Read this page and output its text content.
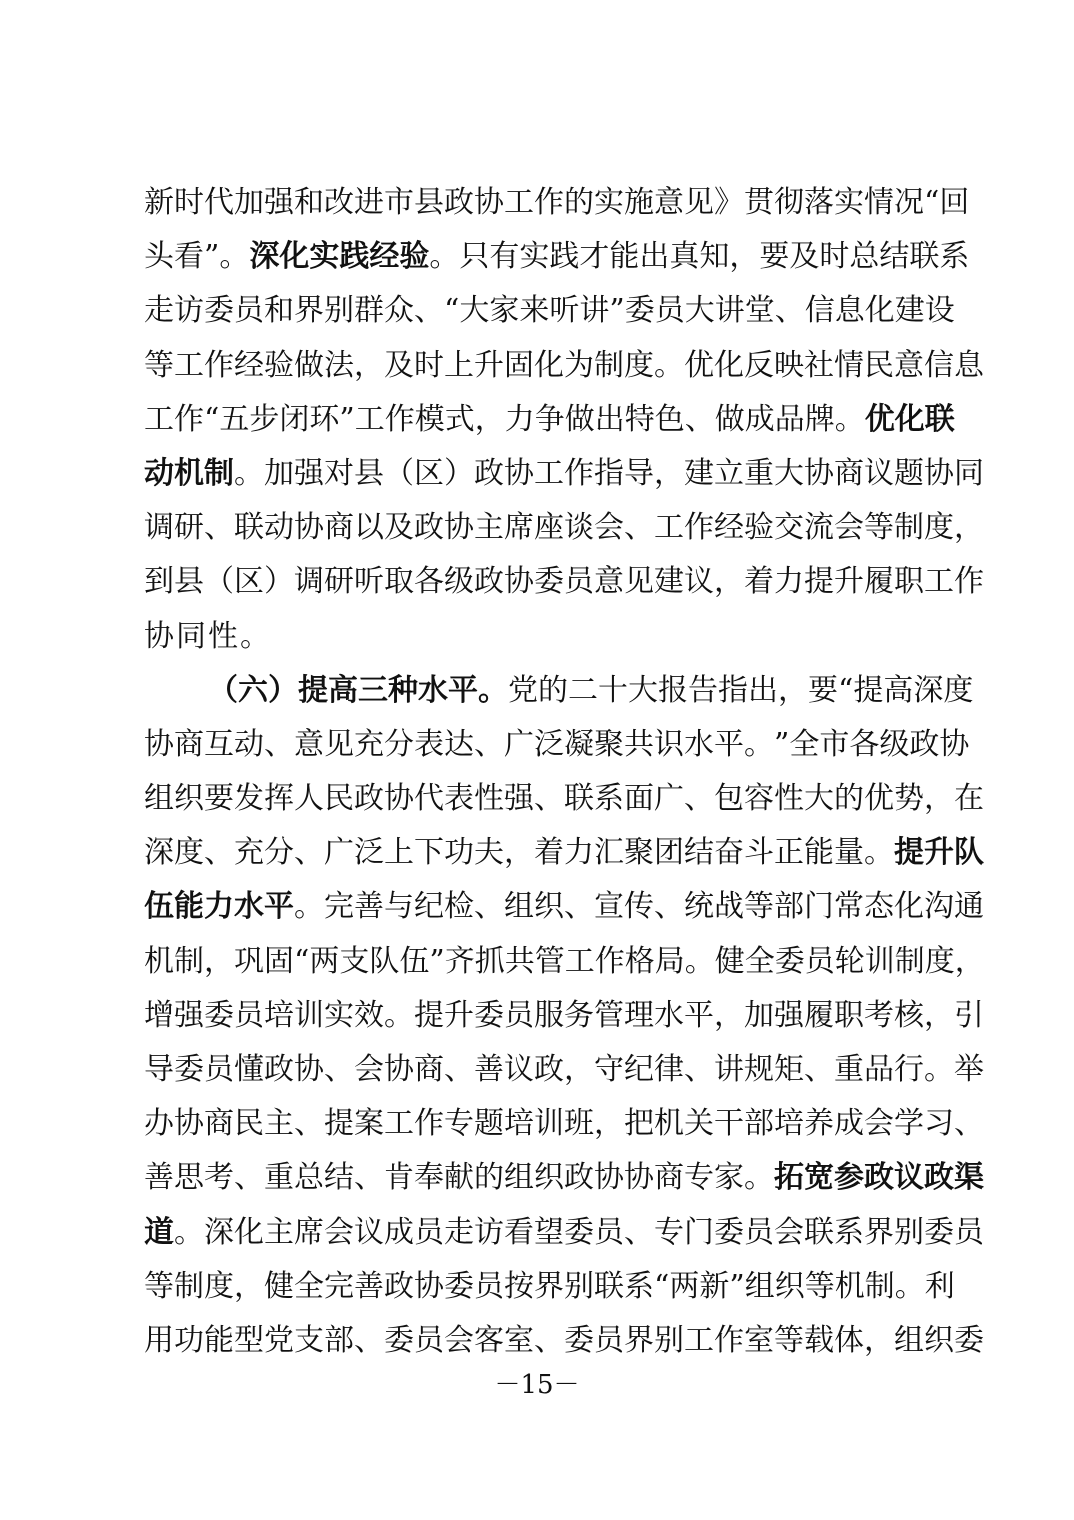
新 时 代 加 强 和 改 进 市 县 政 协 工 作 的 实 施 意 见 》 贯 彻 落 实 情 况 “ 回
头 看 ” 。 深 化 实 践 经 验 。 只 有 实 践 才 能 出 真 知 ， 要 及 时 总 结 联 系
走 访 委 员 和 界 别 群 众 、 “ 大 家 来 听 讲 ” 委 员 大 讲 堂 、 信 息 化 建 设
等 工 作 经 验 做 法 ， 及 时 上 升 固 化 为 制 度 。 优 化 反 映 社 情 民 意 信 息
工 作 “ 五 步 闭 环 ” 工 作 模 式 ， 力 争 做 出 特 色 、 做 成 品 牌 。 优 化 联
动 机 制 。 加 强 对 县 （ 区 ） 政 协 工 作 指 导 ， 建 立 重 大 协 商 议 题 协 同
调 研 、 联 动 协 商 以 及 政 协 主 席 座 谈 会 、 工 作 经 验 交 流 会 等 制 度 ，
到 县 （ 区 ） 调 研 听 取 各 级 政 协 委 员 意 见 建 议 ， 着 力 提 升 履 职 工 作
协 同 性 。
（ 六 ） 提 高 三 种 水 平 。 党 的 二 十 大 报 告 指 出 ， 要 “ 提 高 深 度
协 商 互 动 、 意 见 充 分 表 达 、 广 泛 凝 聚 共 识 水 平 。 ” 全 市 各 级 政 协
组 织 要 发 挥 人 民 政 协 代 表 性 强 、 联 系 面 广 、 包 容 性 大 的 优 势 ， 在
深 度 、 充 分 、 广 泛 上 下 功 夫 ， 着 力 汇 聚 团 结 奋 斗 正 能 量 。 提 升 队
伍 能 力 水 平 。 完 善 与 纪 检 、 组 织 、 宣 传 、 统 战 等 部 门 常 态 化 沟 通
机 制 ， 巩 固 “ 两 支 队 伍 ” 齐 抓 共 管 工 作 格 局 。 健 全 委 员 轮 训 制 度 ，
增 强 委 员 培 训 实 效 。 提 升 委 员 服 务 管 理 水 平 ， 加 强 履 职 考 核 ， 引
导 委 员 懂 政 协 、 会 协 商 、 善 议 政 ， 守 纪 律 、 讲 规 矩 、 重 品 行 。 举
办 协 商 民 主 、 提 案 工 作 专 题 培 训 班 ， 把 机 关 干 部 培 养 成 会 学 习 、
善 思 考 、 重 总 结 、 肯 奉 献 的 组 织 政 协 协 商 专 家 。 拓 宽 参 政 议 政 渠
道 。 深 化 主 席 会 议 成 员 走 访 看 望 委 员 、 专 门 委 员 会 联 系 界 别 委 员
等 制 度 ， 健 全 完 善 政 协 委 员 按 界 别 联 系 “ 两 新 ” 组 织 等 机 制 。 利
用 功 能 型 党 支 部 、 委 员 会 客 室 、 委 员 界 别 工 作 室 等 载 体 ， 组 织 委
－15－
